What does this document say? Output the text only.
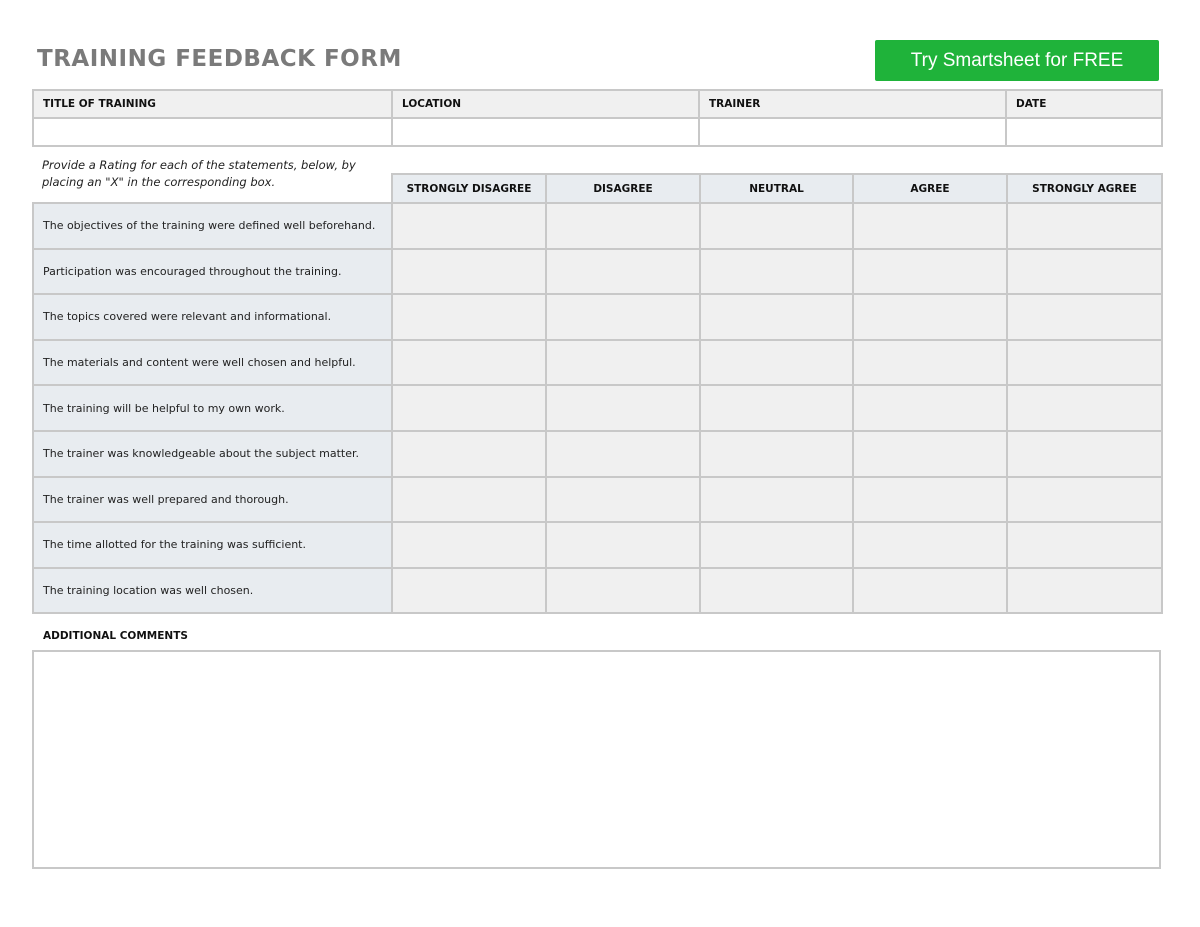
TRAINING FEEDBACK FORM	Try Smartsheet for FREE
TITLE OF TRAINING	LOCATION	TRAINER	DATE

Provide a Rating for each of the statements, below, by placing an "X" in the corresponding box.
		STRONGLY DISAGREE	DISAGREE	NEUTRAL	AGREE	STRONGLY AGREE
The objectives of the training were defined well beforehand.					
Participation was encouraged throughout the training.					
The topics covered were relevant and informational.					
The materials and content were well chosen and helpful.					
The training will be helpful to my own work.					
The trainer was knowledgeable about the subject matter.					
The trainer was well prepared and thorough.					
The time allotted for the training was sufficient.					
The training location was well chosen.					
ADDITIONAL COMMENTS
